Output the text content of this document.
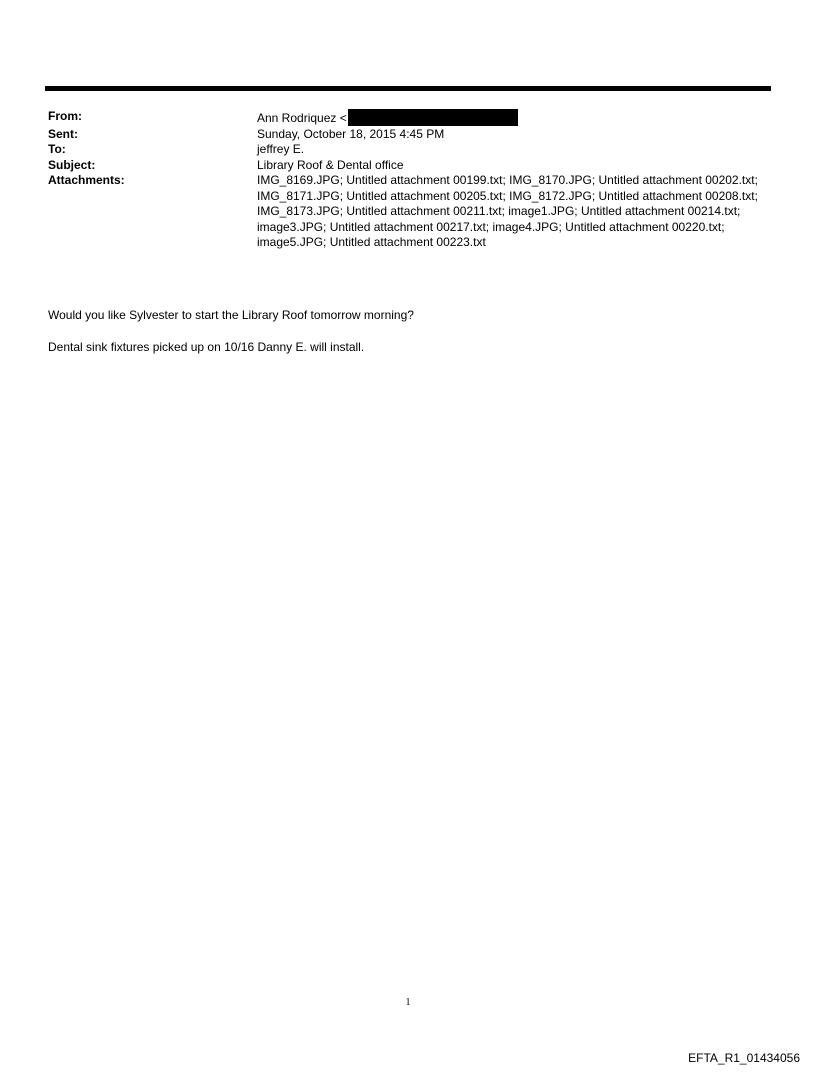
From:	Ann Rodriquez <
Sent:	Sunday, October 18, 2015 4:45 PM
To:	jeffrey E.
Subject:	Library Roof & Dental office
Attachments:	IMG_8169.JPG; Untitled attachment 00199.txt; IMG_8170.JPG; Untitled attachment 00202.txt; IMG_8171.JPG; Untitled attachment 00205.txt; IMG_8172.JPG; Untitled attachment 00208.txt; IMG_8173.JPG; Untitled attachment 00211.txt; image1.JPG; Untitled attachment 00214.txt; image3.JPG; Untitled attachment 00217.txt; image4.JPG; Untitled attachment 00220.txt; image5.JPG; Untitled attachment 00223.txt
Would you like Sylvester to start the Library Roof tomorrow morning?
Dental sink fixtures picked up on 10/16 Danny E. will install.
1
EFTA_R1_01434056
